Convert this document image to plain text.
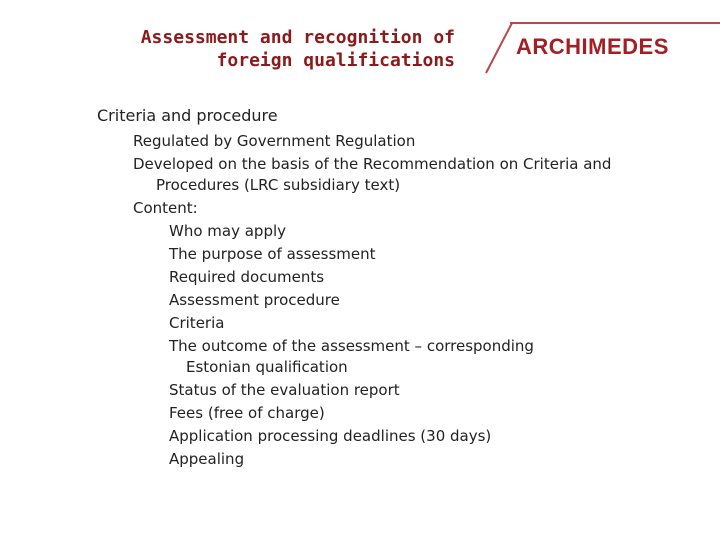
Assessment and recognition of
foreign qualifications
ARCHIMEDES
Criteria and procedure
Regulated by Government Regulation
Developed on the basis of the Recommendation on Criteria and Procedures (LRC subsidiary text)
Content:
Who may apply
The purpose of assessment
Required documents
Assessment procedure
Criteria
The outcome of the assessment – corresponding Estonian qualification
Status of the evaluation report
Fees (free of charge)
Application processing deadlines (30 days)
Appealing
